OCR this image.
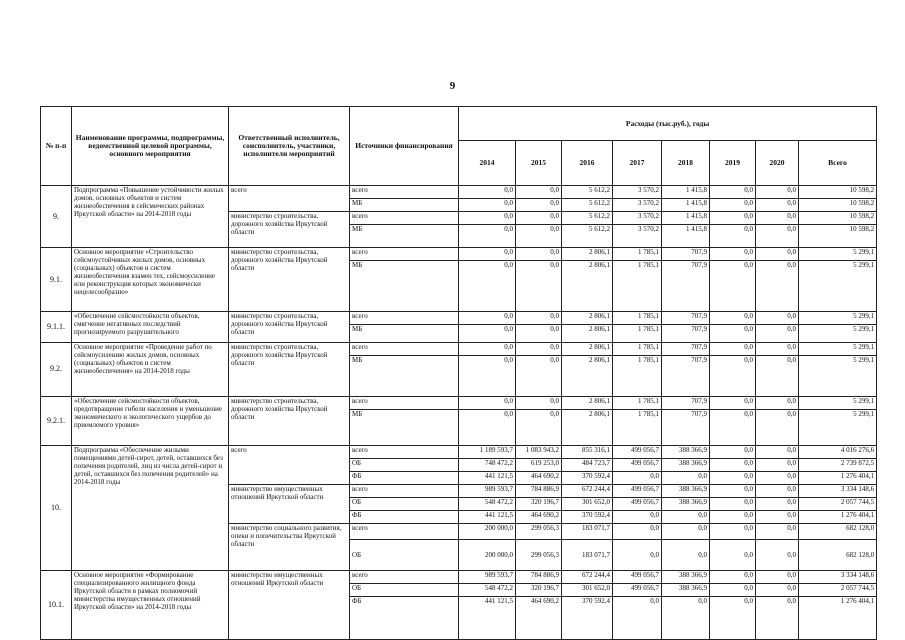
9
№ п-п	Наименование программы, подпрограммы, ведомственной целевой программы, основного мероприятия	Ответственный исполнитель, соисполнитель, участники, исполнители мероприятий	Источники финансирования	Расходы (тыс.руб.), годы							
				2014	2015	2016	2017	2018	2019	2020	Всего
9.	Подпрограмма «Повышение устойчивости жилых домов, основных объектов и систем жизнеобеспечения в сейсмических районах Иркутской области» на 2014-2018 годы	всего	всего	0,0	0,0	5 612,2	3 570,2	1 415,8	0,0	0,0	10 598,2
			МБ	0,0	0,0	5 612,2	3 570,2	1 415,8	0,0	0,0	10 598,2
		министерство строительства, дорожного хозяйства Иркутской области	всего	0,0	0,0	5 612,2	3 570,2	1 415,8	0,0	0,0	10 598,2
			МБ	0,0	0,0	5 612,2	3 570,2	1 415,8	0,0	0,0	10 598,2
9.1.	Основное мероприятие «Строительство сейсмоустойчивых жилых домов, основных (социальных) объектов и систем жизнеобеспечения взамен тех, сейсмоусиление или реконструкция которых экономически нецелесообразно»	министерство строительства, дорожного хозяйства Иркутской области	всего	0,0	0,0	2 806,1	1 785,1	707,9	0,0	0,0	5 299,1
			МБ	0,0	0,0	2 806,1	1 785,1	707,9	0,0	0,0	5 299,1
9.1.1.	«Обеспечение сейсмостойкости объектов, смягчение негативных последствий прогнозируемого разрушительного	министерство строительства, дорожного хозяйства Иркутской области	всего	0,0	0,0	2 806,1	1 785,1	707,9	0,0	0,0	5 299,1
			МБ	0,0	0,0	2 806,1	1 785,1	707,9	0,0	0,0	5 299,1
9.2.	Основное мероприятие «Проведение работ по сейсмоусилению жилых домов, основных (социальных) объектов и систем жизнеобеспечения» на 2014-2018 годы	министерство строительства, дорожного хозяйства Иркутской области	всего	0,0	0,0	2 806,1	1 785,1	707,9	0,0	0,0	5 299,1
			МБ	0,0	0,0	2 806,1	1 785,1	707,9	0,0	0,0	5 299,1
9.2.1.	«Обеспечение сейсмостойкости объектов, предотвращение гибели населения и уменьшение экономического и экологического ущербов до приемлемого уровня»	министерство строительства, дорожного хозяйства Иркутской области	всего	0,0	0,0	2 806,1	1 785,1	707,9	0,0	0,0	5 299,1
			МБ	0,0	0,0	2 806,1	1 785,1	707,9	0,0	0,0	5 299,1
10.	Подпрограмма «Обеспечение жилыми помещениями детей-сирот, детей, оставшихся без попечения родителей, лиц из числа детей-сирот и детей, оставшихся без попечения родителей» на 2014-2018 годы	всего	всего	1 189 593,7	1 083 943,2	855 316,1	499 056,7	388 366,9	0,0	0,0	4 016 276,6
			ОБ	748 472,2	619 253,0	484 723,7	499 056,7	388 366,9	0,0	0,0	2 739 872,5
			ФБ	441 121,5	464 690,2	370 592,4	0,0	0,0	0,0	0,0	1 276 404,1
		министерство имущественных отношений Иркутской области	всего	989 593,7	784 886,9	672 244,4	499 056,7	388 366,9	0,0	0,0	3 334 148,6
			ОБ	548 472,2	320 196,7	301 652,0	499 056,7	388 366,9	0,0	0,0	2 057 744,5
			ФБ	441 121,5	464 690,2	370 592,4	0,0	0,0	0,0	0,0	1 276 404,1
		министерство социального развития, опеки и попечительства Иркутской области	всего	200 000,0	299 056,3	183 071,7	0,0	0,0	0,0	0,0	682 128,0
			ОБ	200 000,0	299 056,3	183 071,7	0,0	0,0	0,0	0,0	682 128,0
10.1.	Основное мероприятие «Формирование специализированного жилищного фонда Иркутской области в рамках полномочий министерства имущественных отношений Иркутской области» на 2014-2018 годы	министерство имущественных отношений Иркутской области	всего	989 593,7	784 886,9	672 244,4	499 056,7	388 366,9	0,0	0,0	3 334 148,6
			ОБ	548 472,2	320 196,7	301 652,0	499 056,7	388 366,9	0,0	0,0	2 057 744,5
			ФБ	441 121,5	464 690,2	370 592,4	0,0	0,0	0,0	0,0	1 276 404,1
